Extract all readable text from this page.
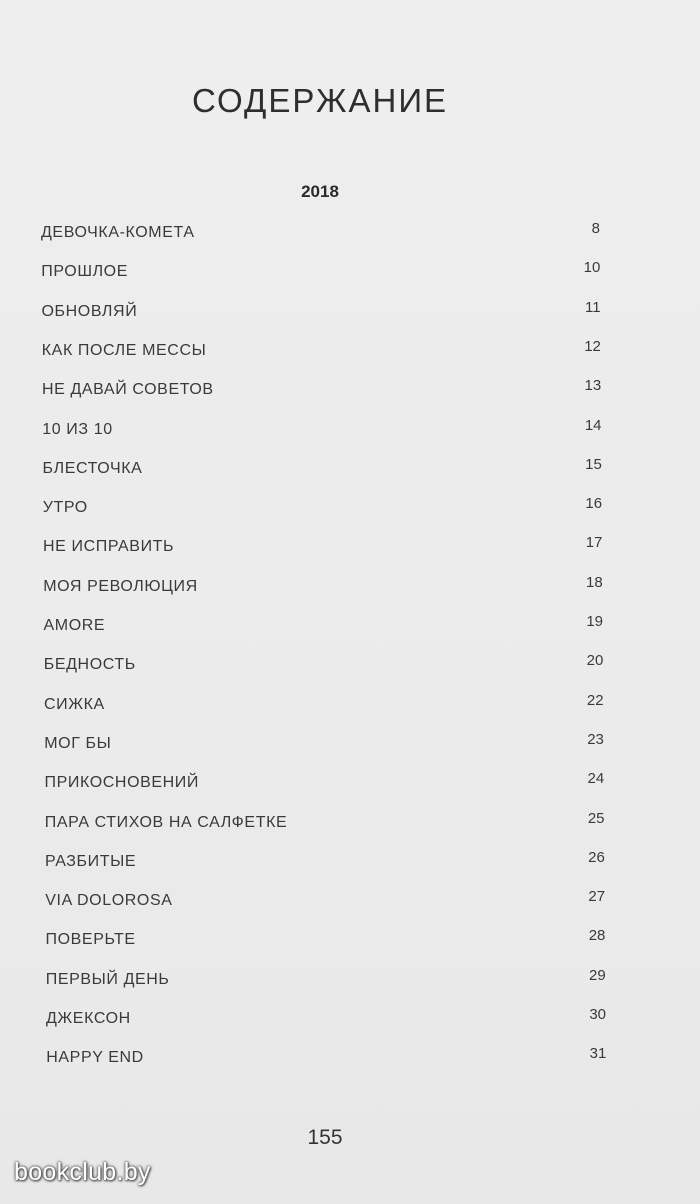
СОДЕРЖАНИЕ
2018
ДЕВОЧКА-КОМЕТА	8
ПРОШЛОЕ	10
ОБНОВЛЯЙ	11
КАК ПОСЛЕ МЕССЫ	12
НЕ ДАВАЙ СОВЕТОВ	13
10 ИЗ 10	14
БЛЕСТОЧКА	15
УТРО	16
НЕ ИСПРАВИТЬ	17
МОЯ РЕВОЛЮЦИЯ	18
AMORE	19
БЕДНОСТЬ	20
СИЖКА	22
МОГ БЫ	23
ПРИКОСНОВЕНИЙ	24
ПАРА СТИХОВ НА САЛФЕТКЕ	25
РАЗБИТЫЕ	26
VIA DOLOROSA	27
ПОВЕРЬТЕ	28
ПЕРВЫЙ ДЕНЬ	29
ДЖЕКСОН	30
HAPPY END	31
155
bookclub.by
